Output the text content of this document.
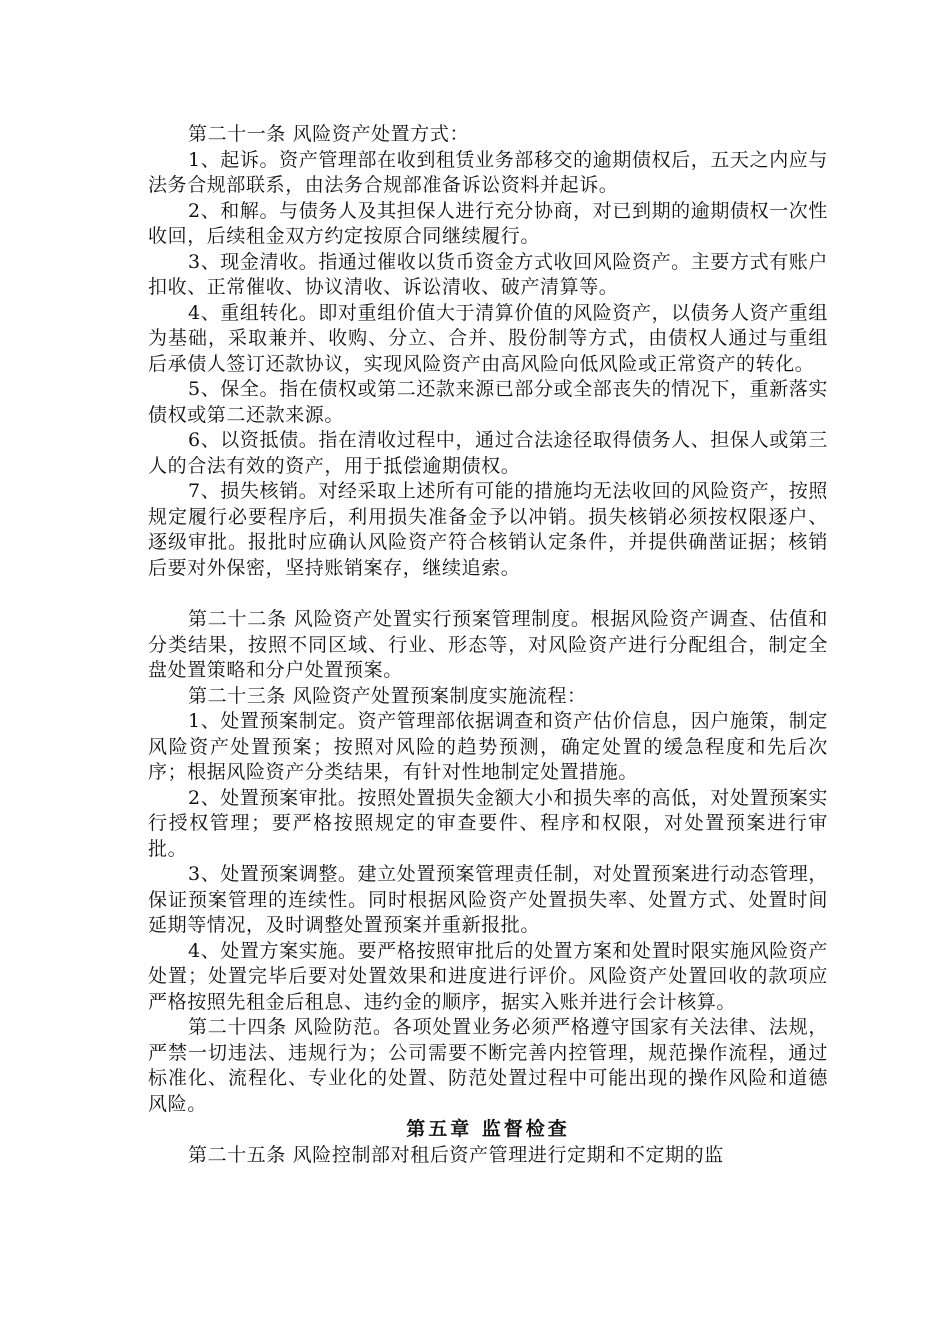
第二十一条 风险资产处置方式：

1、起诉。资产管理部在收到租赁业务部移交的逾期债权后，五天之内应与法务合规部联系，由法务合规部准备诉讼资料并起诉。

2、和解。与债务人及其担保人进行充分协商，对已到期的逾期债权一次性收回，后续租金双方约定按原合同继续履行。

3、现金清收。指通过催收以货币资金方式收回风险资产。主要方式有账户扣收、正常催收、协议清收、诉讼清收、破产清算等。

4、重组转化。即对重组价值大于清算价值的风险资产，以债务人资产重组为基础，采取兼并、收购、分立、合并、股份制等方式，由债权人通过与重组后承债人签订还款协议，实现风险资产由高风险向低风险或正常资产的转化。

5、保全。指在债权或第二还款来源已部分或全部丧失的情况下，重新落实债权或第二还款来源。

6、以资抵债。指在清收过程中，通过合法途径取得债务人、担保人或第三人的合法有效的资产，用于抵偿逾期债权。

7、损失核销。对经采取上述所有可能的措施均无法收回的风险资产，按照规定履行必要程序后，利用损失准备金予以冲销。损失核销必须按权限逐户、逐级审批。报批时应确认风险资产符合核销认定条件，并提供确凿证据；核销后要对外保密，坚持账销案存，继续追索。

第二十二条 风险资产处置实行预案管理制度。根据风险资产调查、估值和分类结果，按照不同区域、行业、形态等，对风险资产进行分配组合，制定全盘处置策略和分户处置预案。

第二十三条 风险资产处置预案制度实施流程：

1、处置预案制定。资产管理部依据调查和资产估价信息，因户施策，制定风险资产处置预案；按照对风险的趋势预测，确定处置的缓急程度和先后次序；根据风险资产分类结果，有针对性地制定处置措施。

2、处置预案审批。按照处置损失金额大小和损失率的高低，对处置预案实行授权管理；要严格按照规定的审查要件、程序和权限，对处置预案进行审批。

3、处置预案调整。建立处置预案管理责任制，对处置预案进行动态管理，保证预案管理的连续性。同时根据风险资产处置损失率、处置方式、处置时间延期等情况，及时调整处置预案并重新报批。

4、处置方案实施。要严格按照审批后的处置方案和处置时限实施风险资产处置；处置完毕后要对处置效果和进度进行评价。风险资产处置回收的款项应严格按照先租金后租息、违约金的顺序，据实入账并进行会计核算。

第二十四条 风险防范。各项处置业务必须严格遵守国家有关法律、法规，严禁一切违法、违规行为；公司需要不断完善内控管理，规范操作流程，通过标准化、流程化、专业化的处置、防范处置过程中可能出现的操作风险和道德风险。

第五章 监督检查

第二十五条 风险控制部对租后资产管理进行定期和不定期的监
